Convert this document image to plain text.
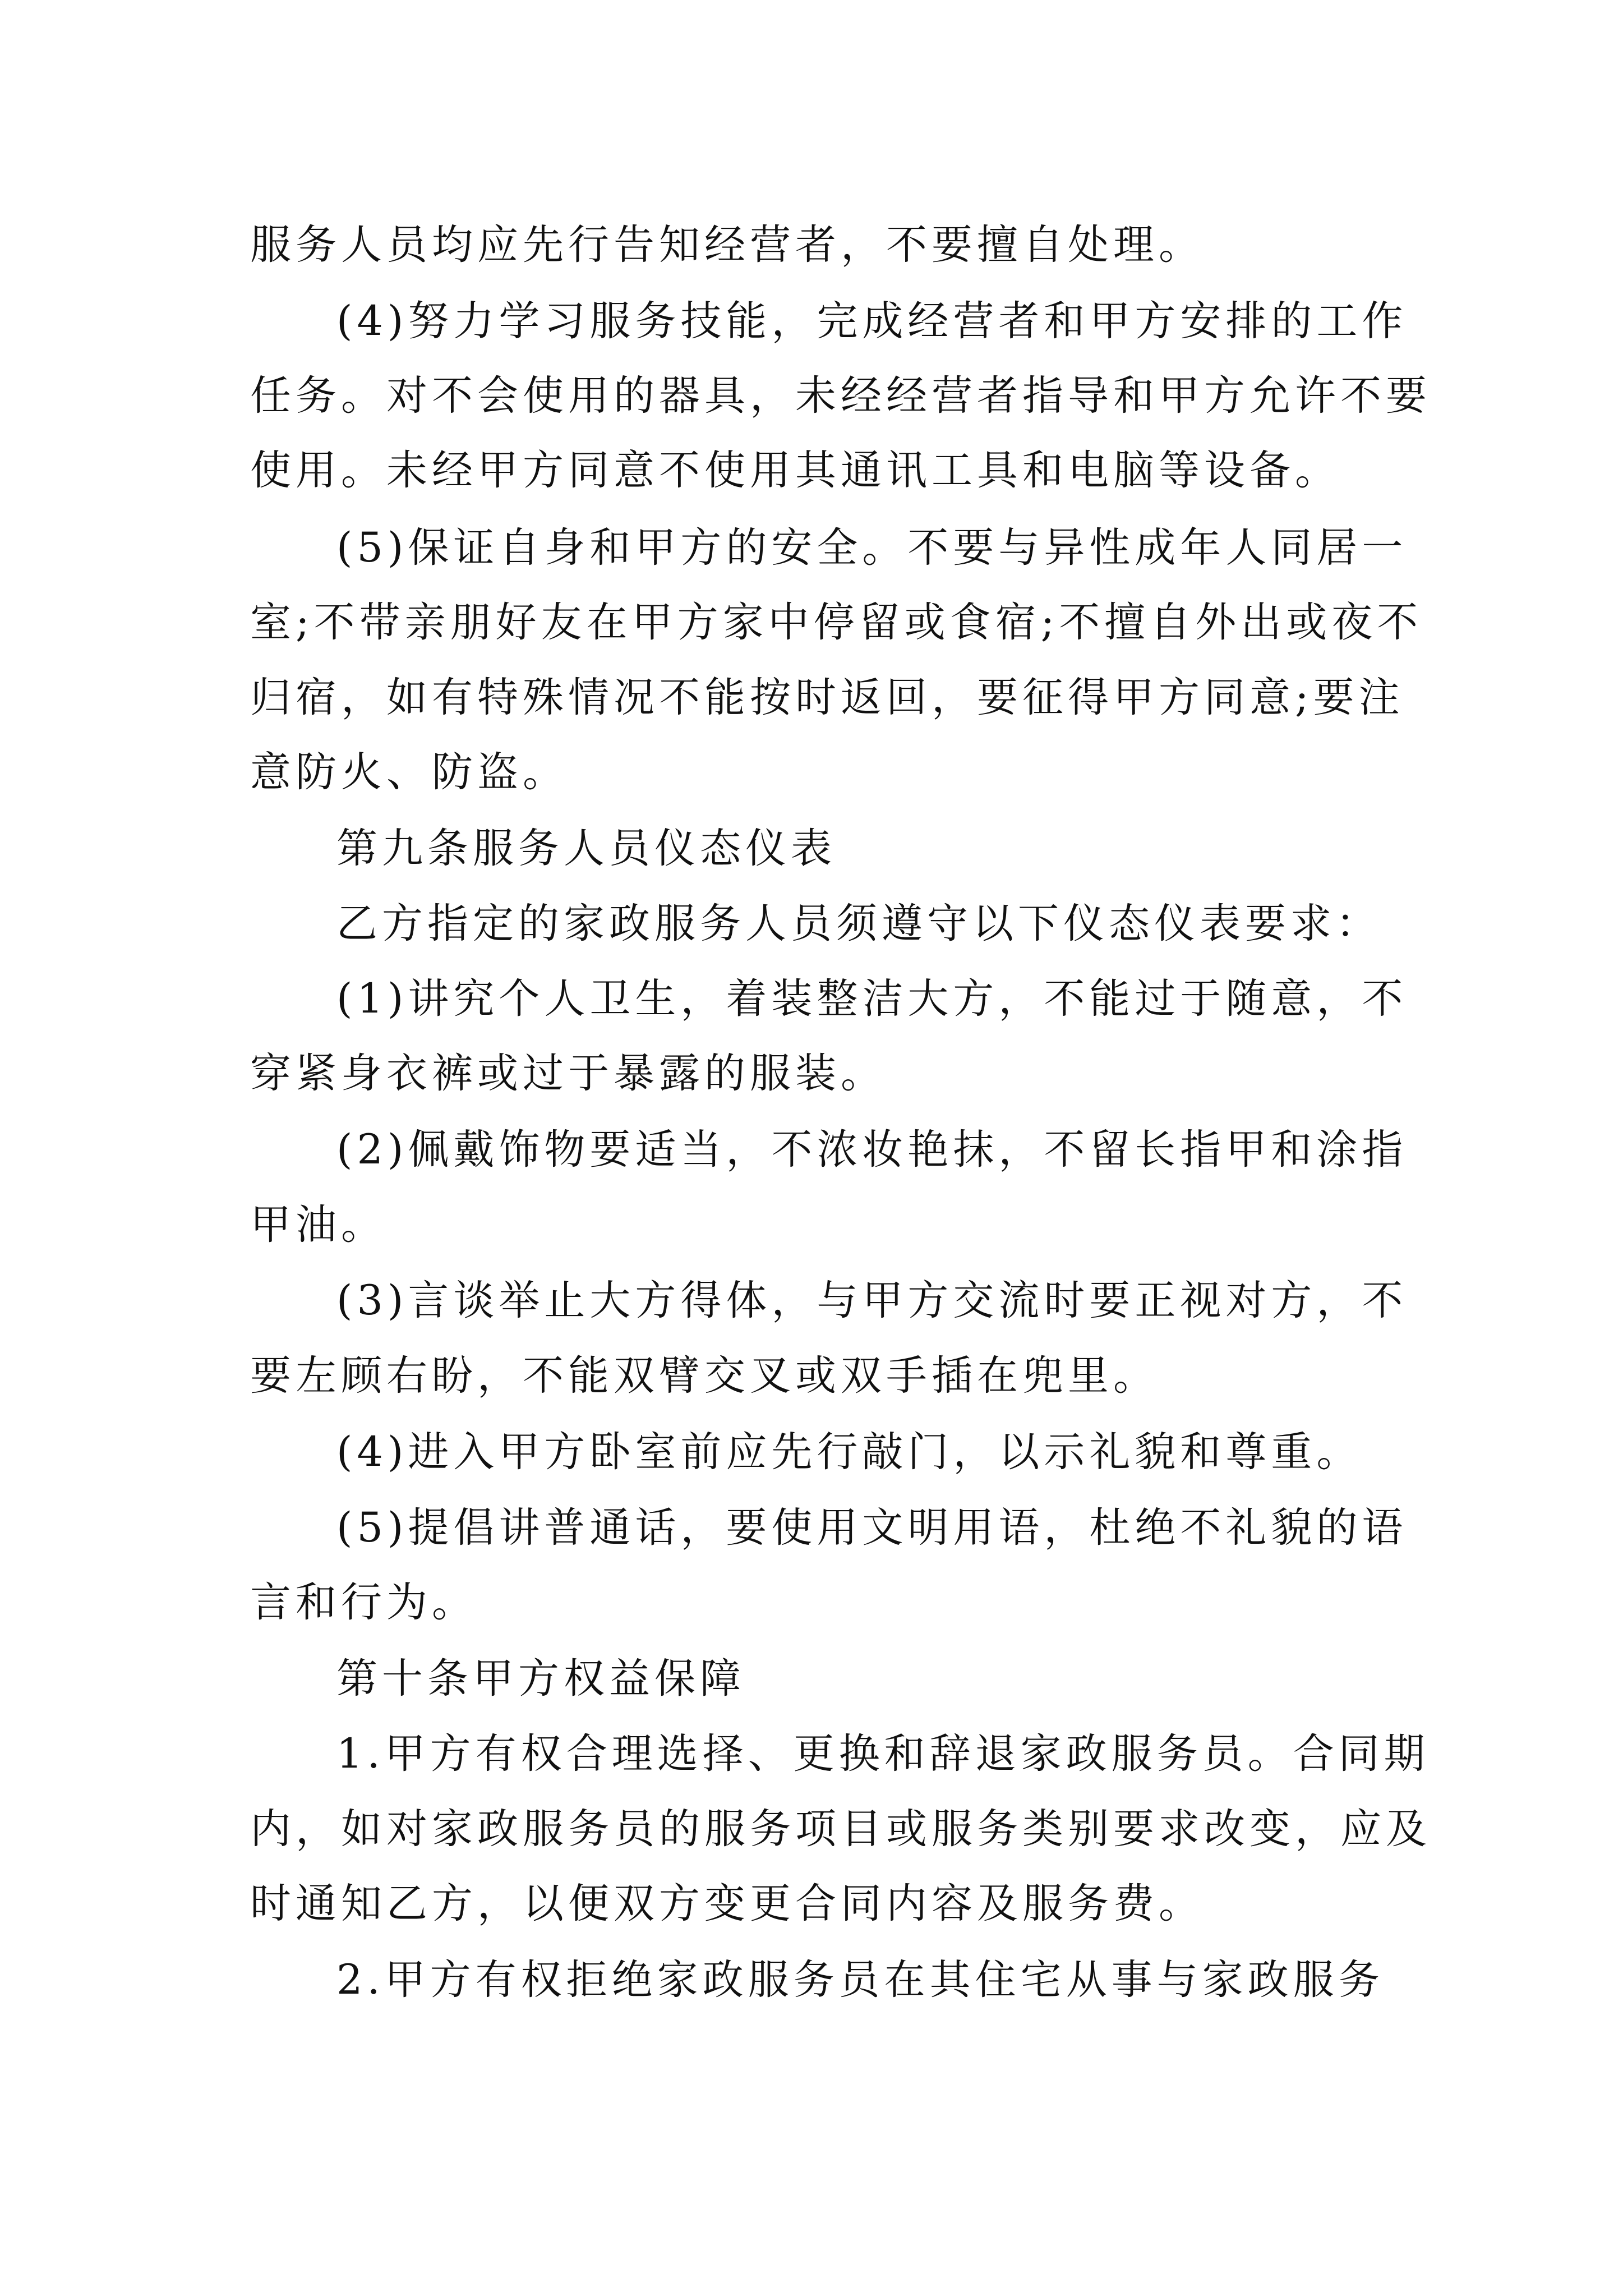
服务人员均应先行告知经营者，不要擅自处理。
(4)努力学习服务技能，完成经营者和甲方安排的工作
任务。对不会使用的器具，未经经营者指导和甲方允许不要
使用。未经甲方同意不使用其通讯工具和电脑等设备。
(5)保证自身和甲方的安全。不要与异性成年人同居一
室;不带亲朋好友在甲方家中停留或食宿;不擅自外出或夜不
归宿，如有特殊情况不能按时返回，要征得甲方同意;要注
意防火、防盗。
第九条服务人员仪态仪表
乙方指定的家政服务人员须遵守以下仪态仪表要求：
(1)讲究个人卫生，着装整洁大方，不能过于随意，不
穿紧身衣裤或过于暴露的服装。
(2)佩戴饰物要适当，不浓妆艳抹，不留长指甲和涂指
甲油。
(3)言谈举止大方得体，与甲方交流时要正视对方，不
要左顾右盼，不能双臂交叉或双手插在兜里。
(4)进入甲方卧室前应先行敲门，以示礼貌和尊重。
(5)提倡讲普通话，要使用文明用语，杜绝不礼貌的语
言和行为。
第十条甲方权益保障
1.甲方有权合理选择、更换和辞退家政服务员。合同期
内，如对家政服务员的服务项目或服务类别要求改变，应及
时通知乙方，以便双方变更合同内容及服务费。
2.甲方有权拒绝家政服务员在其住宅从事与家政服务
